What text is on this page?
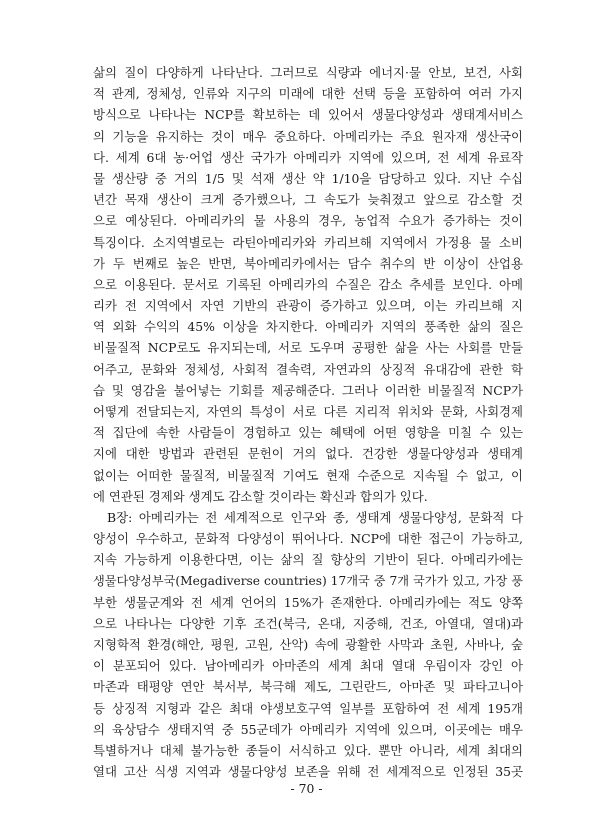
삶의 질이 다양하게 나타난다. 그러므로 식량과 에너지·물 안보, 보건, 사회
적 관계, 정체성, 인류와 지구의 미래에 대한 선택 등을 포함하여 여러 가지
방식으로 나타나는 NCP를 확보하는 데 있어서 생물다양성과 생태계서비스
의 기능을 유지하는 것이 매우 중요하다. 아메리카는 주요 원자재 생산국이
다. 세계 6대 농·어업 생산 국가가 아메리카 지역에 있으며, 전 세계 유료작
물 생산량 중 거의 1/5 및 석재 생산 약 1/10을 담당하고 있다. 지난 수십
년간 목재 생산이 크게 증가했으나, 그 속도가 늦춰졌고 앞으로 감소할 것
으로 예상된다. 아메리카의 물 사용의 경우, 농업적 수요가 증가하는 것이
특징이다. 소지역별로는 라틴아메리카와 카리브해 지역에서 가정용 물 소비
가 두 번째로 높은 반면, 북아메리카에서는 담수 취수의 반 이상이 산업용
으로 이용된다. 문서로 기록된 아메리카의 수질은 감소 추세를 보인다. 아메
리카 전 지역에서 자연 기반의 관광이 증가하고 있으며, 이는 카리브해 지
역 외화 수익의 45% 이상을 차지한다. 아메리카 지역의 풍족한 삶의 질은
비물질적 NCP로도 유지되는데, 서로 도우며 공평한 삶을 사는 사회를 만들
어주고, 문화와 정체성, 사회적 결속력, 자연과의 상징적 유대감에 관한 학
습 및 영감을 불어넣는 기회를 제공해준다. 그러나 이러한 비물질적 NCP가
어떻게 전달되는지, 자연의 특성이 서로 다른 지리적 위치와 문화, 사회경제
적 집단에 속한 사람들이 경험하고 있는 혜택에 어떤 영향을 미칠 수 있는
지에 대한 방법과 관련된 문헌이 거의 없다. 건강한 생물다양성과 생태계
없이는 어떠한 물질적, 비물질적 기여도 현재 수준으로 지속될 수 없고, 이
에 연관된 경제와 생계도 감소할 것이라는 확신과 합의가 있다.
B장: 아메리카는 전 세계적으로 인구와 종, 생태계 생물다양성, 문화적 다
양성이 우수하고, 문화적 다양성이 뛰어나다. NCP에 대한 접근이 가능하고,
지속 가능하게 이용한다면, 이는 삶의 질 향상의 기반이 된다. 아메리카에는
생물다양성부국(Megadiverse countries) 17개국 중 7개 국가가 있고, 가장 풍
부한 생물군계와 전 세계 언어의 15%가 존재한다. 아메리카에는 적도 양쪽
으로 나타나는 다양한 기후 조건(북극, 온대, 지중해, 건조, 아열대, 열대)과
지형학적 환경(해안, 평원, 고원, 산악) 속에 광활한 사막과 초원, 사바나, 숲
이 분포되어 있다. 남아메리카 아마존의 세계 최대 열대 우림이자 강인 아
마존과 태평양 연안 북서부, 북극해 제도, 그린란드, 아마존 및 파타고니아
등 상징적 지형과 같은 최대 야생보호구역 일부를 포함하여 전 세계 195개
의 육상담수 생태지역 중 55군데가 아메리카 지역에 있으며, 이곳에는 매우
특별하거나 대체 불가능한 종들이 서식하고 있다. 뿐만 아니라, 세계 최대의
열대 고산 식생 지역과 생물다양성 보존을 위해 전 세계적으로 인정된 35곳
- 70 -
